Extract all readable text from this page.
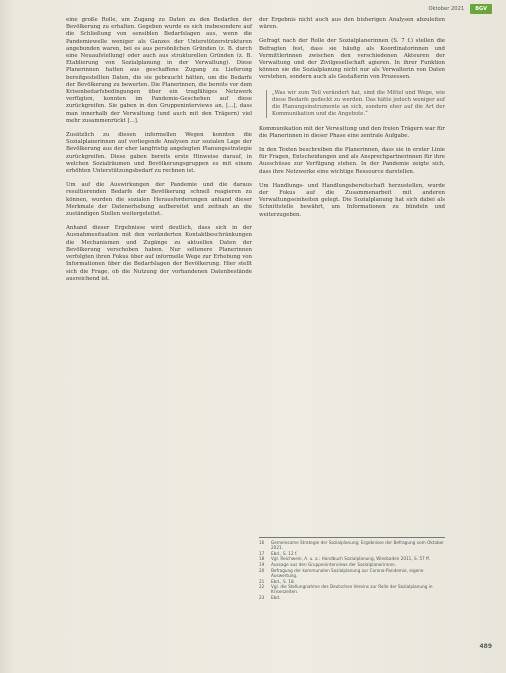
Oktober 2021	BGV

eine große Rolle, um Zugang zu Daten zu den Bedarfen der Bevölkerung zu erhalten. Gegeben wurde es sich insbesondere auf die Schließung von sensiblen Bedarfslagen aus, wenn die Pandemiewelle weniger als Ganzes der Unterstützerstrukturen angebunden waren, bei es aus persönlichen Gründen (z. B. durch eine Neuaufstellung) oder auch aus strukturellen Gründen (z. B. Etablierung von Sozialplanung in der Verwaltung). Diese Planerinnen hatten aus geschaffene Zugang zu Lieferung bereitgestellten Daten, die sie gebraucht hätten, um die Bedarfe der Bevölkerung zu bewerten. Die Planerinnen, die bereits vor dem Krisenbedarfsbedingungen über ein tragfähiges Netzwerk verfügten, konnten im Pandemie-Geschehen auf diese zurückgreifen. Sie gaben in den Gruppeninterviews an, [...], dass man innerhalb der Verwaltung (und auch mit den Trägern) viel mehr zusammenrückt [...].

Zusätzlich zu diesen informellen Wegen konnten die Sozialplanerinnen auf vorliegende Analysen zur sozialen Lage der Bevölkerung aus der eher langfristig angelegten Planungsstrategie zurückgreifen. Diese gaben bereits erste Hinweise darauf, in welchen Sozialräumen und Bevölkerungsgruppen es mit einem erhöhten Unterstützungsbedarf zu rechnen ist.

Um auf die Auswirkungen der Pandemie und die daraus resultierenden Bedarfe der Bevölkerung schnell reagieren zu können, wurden die sozialen Herausforderungen anhand dieser Merkmale der Datenerhebung aufbereitet und zeitnah an die zuständigen Stellen weitergeleitet.

Anhand dieser Ergebnisse wird deutlich, dass sich in der Ausnahmesituation mit den veränderten Kontaktbeschränkungen die Mechanismen und Zugänge zu aktuellen Daten der Bevölkerung verschoben haben. Nur seltenere Planerinnen verfolgten ihren Fokus über auf informelle Wege zur Erhebung von Informationen über die Bedarfslagen der Bevölkerung. Hier stellt sich die Frage, ob die Nutzung der vorhandenen Datenbestände ausreichend ist.

der Ergebnis nicht auch aus den bisherigen Analysen abzuleiten wären.

Gefragt nach der Rolle der Sozialplanerinnen (S. 7 f.) stellen die Befragten fest, dass sie häufig als Koordinatorinnen und Vermittlerinnen zwischen den verschiedenen Akteuren der Verwaltung und der Zivilgesellschaft agieren. In ihrer Funktion können sie die Sozialplanung nicht nur als Verwalterin von Daten verstehen, sondern auch als Gestalterin von Prozessen.

„Was wir zum Teil verändert hat, sind die Mittel und Wege, wie diese Bedarfe gedeckt zu werden. Das hätte jedoch weniger auf die Planungsinstrumente an sich, sondern eher auf die Art der Kommunikation und die Angebote.“

Kommunikation mit der Verwaltung und den freien Trägern war für die Planerinnen in dieser Phase eine zentrale Aufgabe.

In den Texten beschreiben die Planerinnen, dass sie in erster Linie für Fragen, Entscheidungen und als Ansprechpartnerinnen für ihre Ausschüsse zur Verfügung stehen. In der Pandemie zeigte sich, dass ihre Netzwerke eine wichtige Ressource darstellen.

Um Handlungs- und Handlungsbereitschaft herzustellen, wurde der Fokus auf die Zusammenarbeit mit anderen Verwaltungseinheiten gelegt. Die Sozialplanung hat sich dabei als Schnittstelle bewährt, um Informationen zu bündeln und weiterzugeben.

16	Gemeinsame Strategie der Sozialplanung; Ergebnisse der Befragung vom Oktober 2021.
17	Ebd., S. 12 f.
18	Vgl. Reichwein, A. u. a.: Handbuch Sozialplanung, Wiesbaden 2011, S. 57 ff.
19	Aussage aus den Gruppeninterviews der Sozialplanerinnen.
20	Befragung der kommunalen Sozialplanung zur Corona-Pandemie, eigene Auswertung.
21	Ebd., S. 18.
22	Vgl. die Stellungnahme des Deutschen Vereins zur Rolle der Sozialplanung in Krisenzeiten.
23	Ebd.
489
